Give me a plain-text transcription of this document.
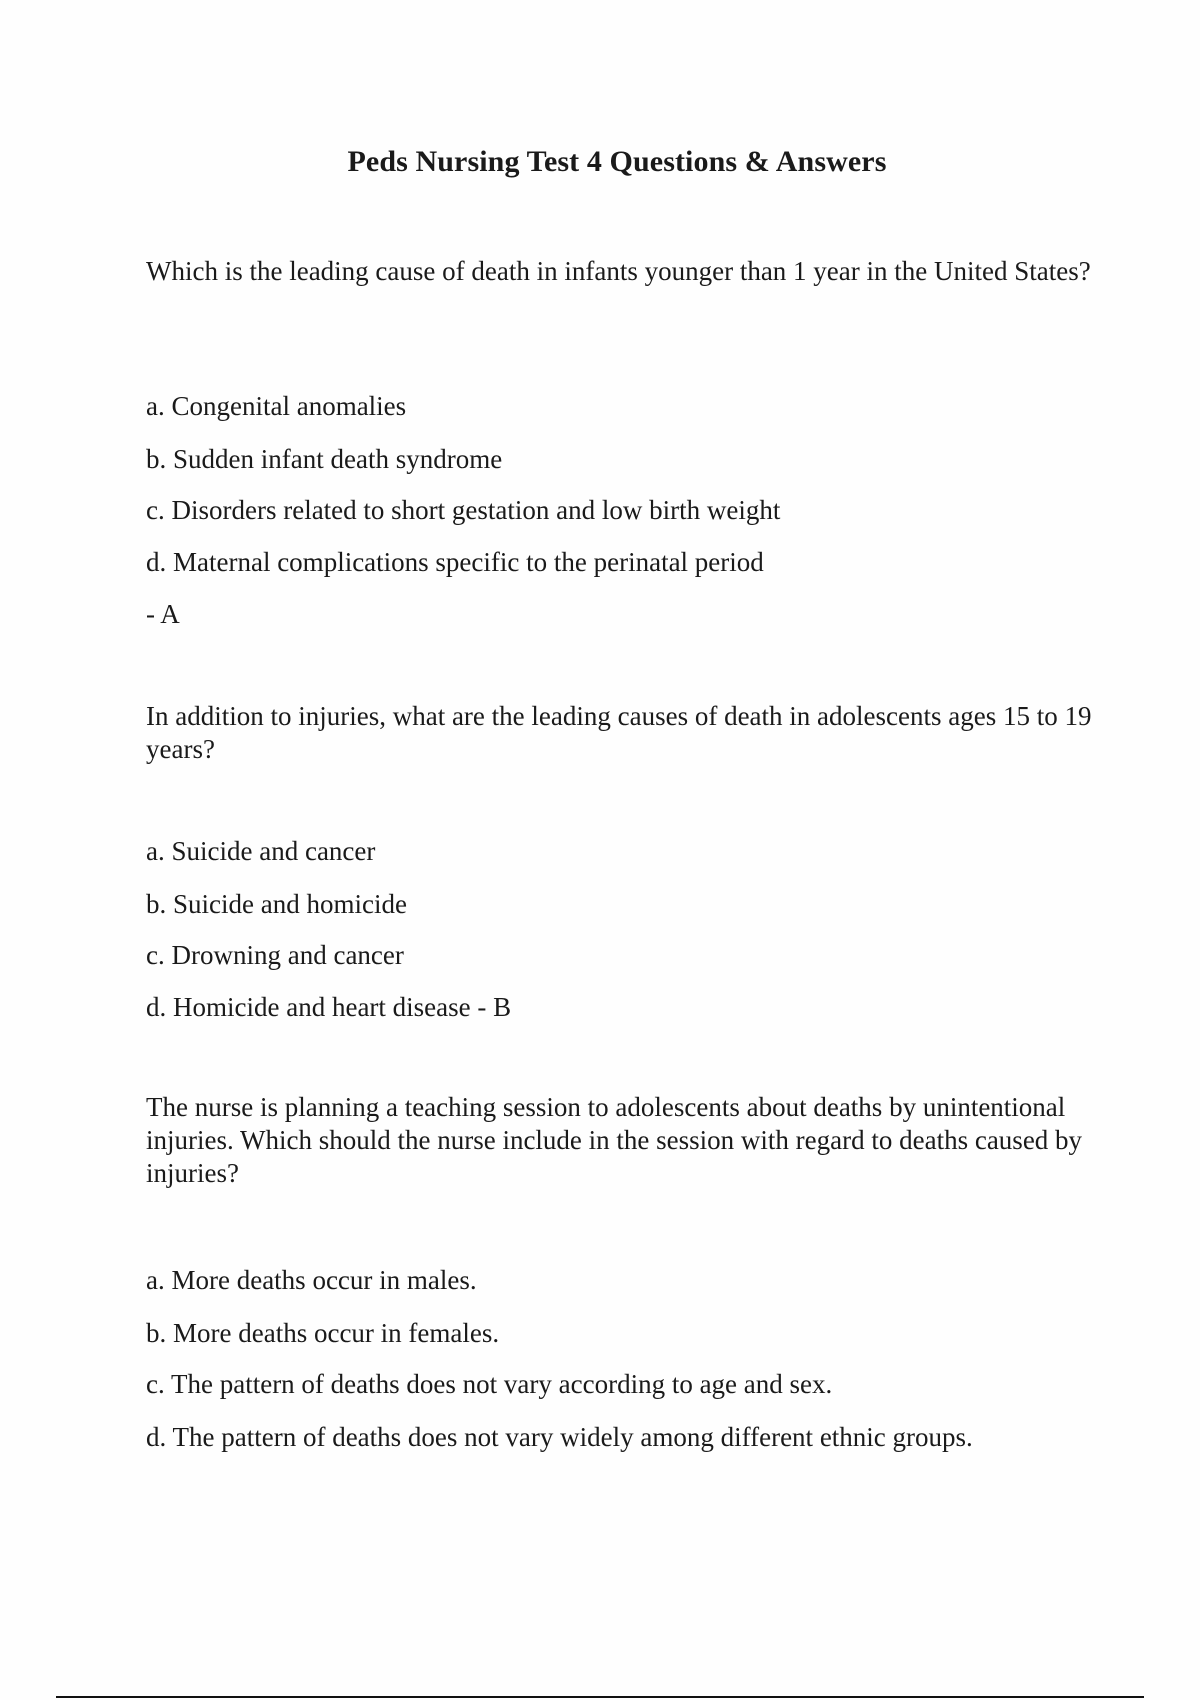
Peds Nursing Test 4 Questions & Answers
Which is the leading cause of death in infants younger than 1 year in the United States?
a. Congenital anomalies
b. Sudden infant death syndrome
c. Disorders related to short gestation and low birth weight
d. Maternal complications specific to the perinatal period
- A
In addition to injuries, what are the leading causes of death in adolescents ages 15 to 19 years?
a. Suicide and cancer
b. Suicide and homicide
c. Drowning and cancer
d. Homicide and heart disease - B
The nurse is planning a teaching session to adolescents about deaths by unintentional injuries. Which should the nurse include in the session with regard to deaths caused by injuries?
a. More deaths occur in males.
b. More deaths occur in females.
c. The pattern of deaths does not vary according to age and sex.
d. The pattern of deaths does not vary widely among different ethnic groups.
